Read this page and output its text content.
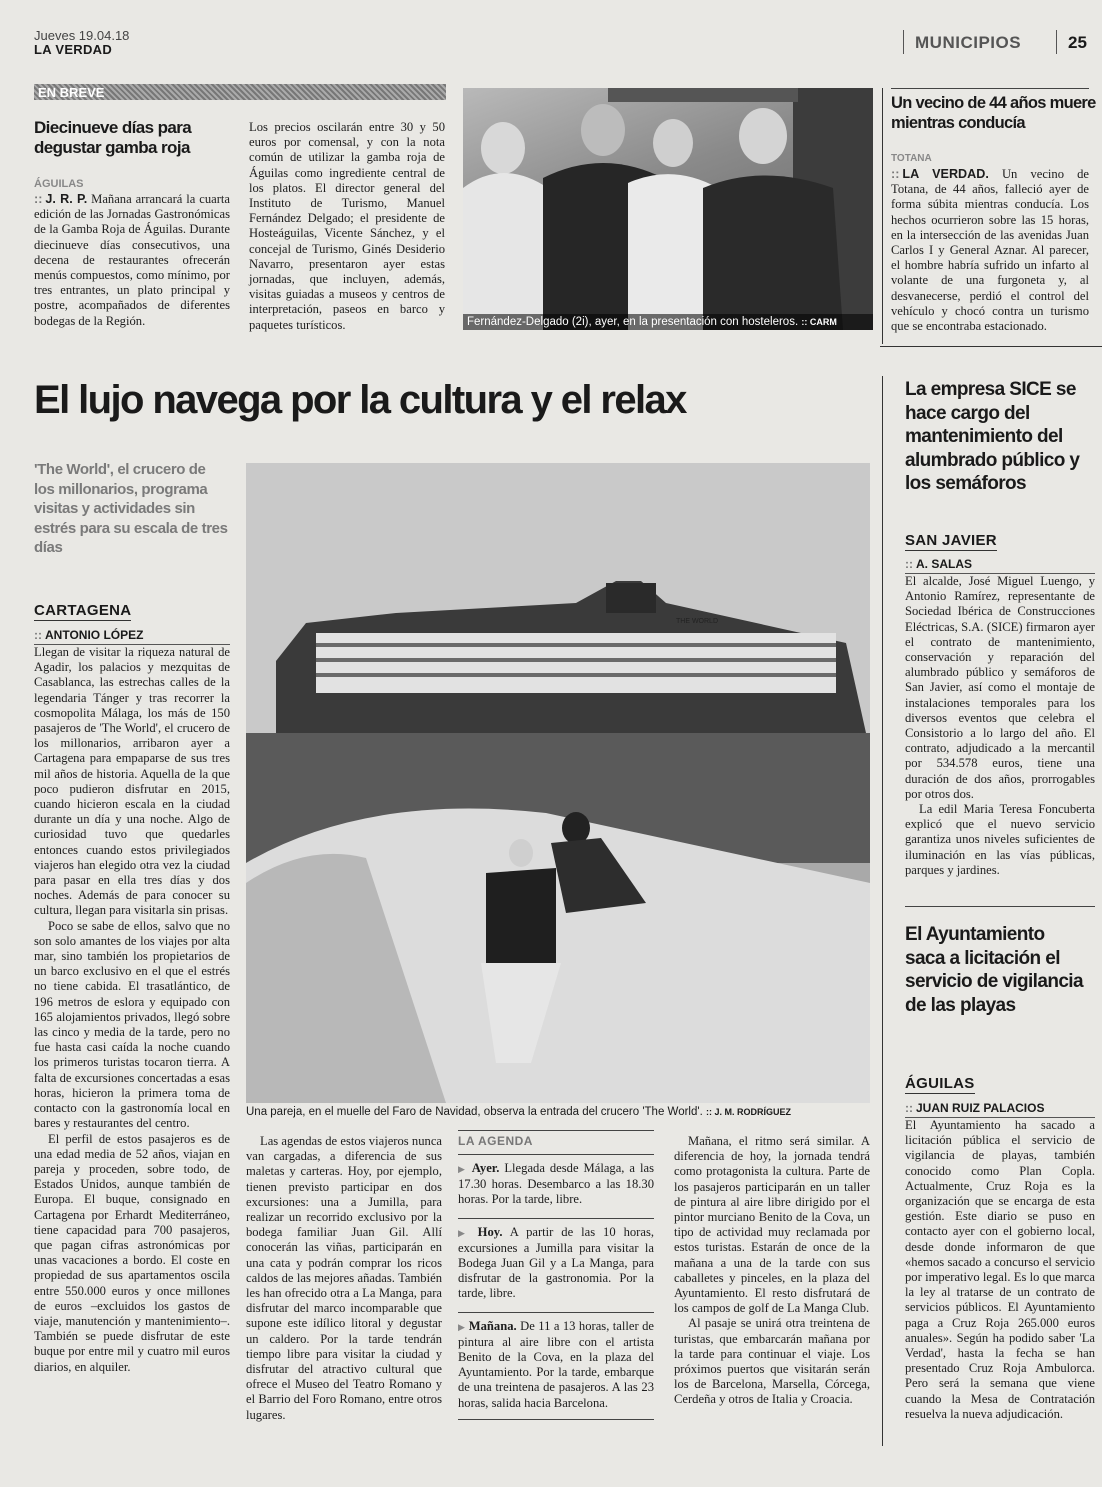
Jueves 19.04.18
LA VERDAD	MUNICIPIOS	25
EN BREVE
Diecinueve días para degustar gamba roja
ÁGUILAS

:: J. R. P. Mañana arrancará la cuarta edición de las Jornadas Gastronómicas de la Gamba Roja de Águilas. Durante diecinueve días consecutivos, una decena de restaurantes ofrecerán menús compuestos, como mínimo, por tres entrantes, un plato principal y postre, acompañados de diferentes bodegas de la Región.

Los precios oscilarán entre 30 y 50 euros por comensal, y con la nota común de utilizar la gamba roja de Águilas como ingrediente central de los platos. El director general del Instituto de Turismo, Manuel Fernández Delgado; el presidente de Hosteáguilas, Vicente Sánchez, y el concejal de Turismo, Ginés Desiderio Navarro, presentaron ayer estas jornadas, que incluyen, además, visitas guiadas a museos y centros de interpretación, paseos en barco y paquetes turísticos.	Fernández-Delgado (2i), ayer, en la presentación con hosteleros. :: CARM
Un vecino de 44 años muere mientras conducía
TOTANA

:: LA VERDAD. Un vecino de Totana, de 44 años, falleció ayer de forma súbita mientras conducía. Los hechos ocurrieron sobre las 15 horas, en la intersección de las avenidas Juan Carlos I y General Aznar. Al parecer, el hombre habría sufrido un infarto al volante de una furgoneta y, al desvanecerse, perdió el control del vehículo y chocó contra un turismo que se encontraba estacionado.

El lujo navega por la cultura y el relax
'The World', el crucero de los millonarios, programa visitas y actividades sin estrés para su escala de tres días
CARTAGENA
:: ANTONIO LÓPEZ

Llegan de visitar la riqueza natural de Agadir, los palacios y mezquitas de Casablanca, las estrechas calles de la legendaria Tánger y tras recorrer la cosmopolita Málaga, los más de 150 pasajeros de 'The World', el crucero de los millonarios, arribaron ayer a Cartagena para empaparse de sus tres mil años de historia. Aquella de la que poco pudieron disfrutar en 2015, cuando hicieron escala en la ciudad durante un día y una noche. Algo de curiosidad tuvo que quedarles entonces cuando estos privilegiados viajeros han elegido otra vez la ciudad para pasar en ella tres días y dos noches. Además de para conocer su cultura, llegan para visitarla sin prisas.

Poco se sabe de ellos, salvo que no son solo amantes de los viajes por alta mar, sino también los propietarios de un barco exclusivo en el que el estrés no tiene cabida. El trasatlántico, de 196 metros de eslora y equipado con 165 alojamientos privados, llegó sobre las cinco y media de la tarde, pero no fue hasta casi caída la noche cuando los primeros turistas tocaron tierra. A falta de excursiones concertadas a esas horas, hicieron la primera toma de contacto con la gastronomía local en bares y restaurantes del centro.

El perfil de estos pasajeros es de una edad media de 52 años, viajan en pareja y proceden, sobre todo, de Estados Unidos, aunque también de Europa. El buque, consignado en Cartagena por Erhardt Mediterráneo, tiene capacidad para 700 pasajeros, que pagan cifras astronómicas por unas vacaciones a bordo. El coste en propiedad de sus apartamentos oscila entre 550.000 euros y once millones de euros –excluidos los gastos de viaje, manutención y mantenimiento–. También se puede disfrutar de este buque por entre mil y cuatro mil euros diarios, en alquiler.

THE WORLD
Una pareja, en el muelle del Faro de Navidad, observa la entrada del crucero 'The World'. :: J. M. RODRÍGUEZ

Las agendas de estos viajeros nunca van cargadas, a diferencia de sus maletas y carteras. Hoy, por ejemplo, tienen previsto participar en dos excursiones: una a Jumilla, para realizar un recorrido exclusivo por la bodega familiar Juan Gil. Allí conocerán las viñas, participarán en una cata y podrán comprar los ricos caldos de las mejores añadas. También les han ofrecido otra a La Manga, para disfrutar del marco incomparable que supone este idílico litoral y degustar un caldero. Por la tarde tendrán tiempo libre para visitar la ciudad y disfrutar del atractivo cultural que ofrece el Museo del Teatro Romano y el Barrio del Foro Romano, entre otros lugares.

LA AGENDA
▶ Ayer. Llegada desde Málaga, a las 17.30 horas. Desembarco a las 18.30 horas. Por la tarde, libre.
▶ Hoy. A partir de las 10 horas, excursiones a Jumilla para visitar la Bodega Juan Gil y a La Manga, para disfrutar de la gastronomia. Por la tarde, libre.
▶ Mañana. De 11 a 13 horas, taller de pintura al aire libre con el artista Benito de la Cova, en la plaza del Ayuntamiento. Por la tarde, embarque de una treintena de pasajeros. A las 23 horas, salida hacia Barcelona.

Mañana, el ritmo será similar. A diferencia de hoy, la jornada tendrá como protagonista la cultura. Parte de los pasajeros participarán en un taller de pintura al aire libre dirigido por el pintor murciano Benito de la Cova, un tipo de actividad muy reclamada por estos turistas. Estarán de once de la mañana a una de la tarde con sus caballetes y pinceles, en la plaza del Ayuntamiento. El resto disfrutará de los campos de golf de La Manga Club.

Al pasaje se unirá otra treintena de turistas, que embarcarán mañana por la tarde para continuar el viaje. Los próximos puertos que visitarán serán los de Barcelona, Marsella, Córcega, Cerdeña y otros de Italia y Croacia.

La empresa SICE se hace cargo del mantenimiento del alumbrado público y los semáforos
SAN JAVIER
:: A. SALAS

El alcalde, José Miguel Luengo, y Antonio Ramírez, representante de Sociedad Ibérica de Construcciones Eléctricas, S.A. (SICE) firmaron ayer el contrato de mantenimiento, conservación y reparación del alumbrado público y semáforos de San Javier, así como el montaje de instalaciones temporales para los diversos eventos que celebra el Consistorio a lo largo del año. El contrato, adjudicado a la mercantil por 534.578 euros, tiene una duración de dos años, prorrogables por otros dos.

La edil Maria Teresa Foncuberta explicó que el nuevo servicio garantiza unos niveles suficientes de iluminación en las vías públicas, parques y jardines.

El Ayuntamiento saca a licitación el servicio de vigilancia de las playas
ÁGUILAS
:: JUAN RUIZ PALACIOS

El Ayuntamiento ha sacado a licitación pública el servicio de vigilancia de playas, también conocido como Plan Copla. Actualmente, Cruz Roja es la organización que se encarga de esta gestión. Este diario se puso en contacto ayer con el gobierno local, desde donde informaron de que «hemos sacado a concurso el servicio por imperativo legal. Es lo que marca la ley al tratarse de un contrato de servicios públicos. El Ayuntamiento paga a Cruz Roja 265.000 euros anuales». Según ha podido saber 'La Verdad', hasta la fecha se han presentado Cruz Roja Ambulorca. Pero será la semana que viene cuando la Mesa de Contratación resuelva la nueva adjudicación.
